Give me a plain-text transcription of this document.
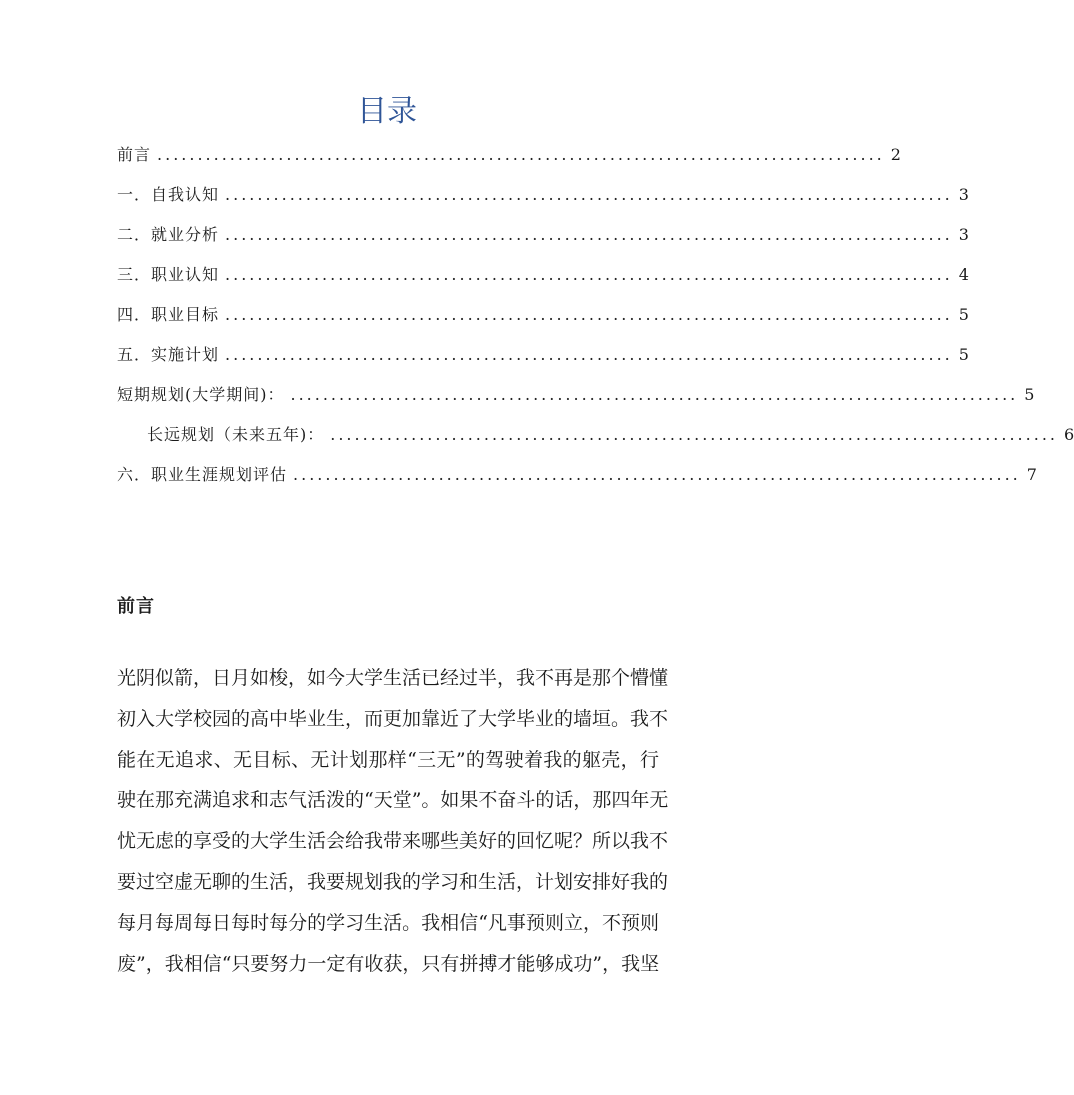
目录
前言 .......................................................................................... 2
一．自我认知 .......................................................................................... 3
二．就业分析 .......................................................................................... 3
三．职业认知 .......................................................................................... 4
四．职业目标 .......................................................................................... 5
五．实施计划 .......................................................................................... 5
短期规划(大学期间)： .......................................................................................... 5
长远规划（未来五年)： .......................................................................................... 6
六．职业生涯规划评估 .......................................................................................... 7
前言
光阴似箭，日月如梭，如今大学生活已经过半，我不再是那个懵懂
初入大学校园的高中毕业生，而更加靠近了大学毕业的墙垣。我不
能在无追求、无目标、无计划那样“三无”的驾驶着我的躯壳，行
驶在那充满追求和志气活泼的“天堂”。如果不奋斗的话，那四年无
忧无虑的享受的大学生活会给我带来哪些美好的回忆呢？所以我不
要过空虚无聊的生活，我要规划我的学习和生活，计划安排好我的
每月每周每日每时每分的学习生活。我相信“凡事预则立，不预则
废”，我相信“只要努力一定有收获，只有拼搏才能够成功”，我坚
